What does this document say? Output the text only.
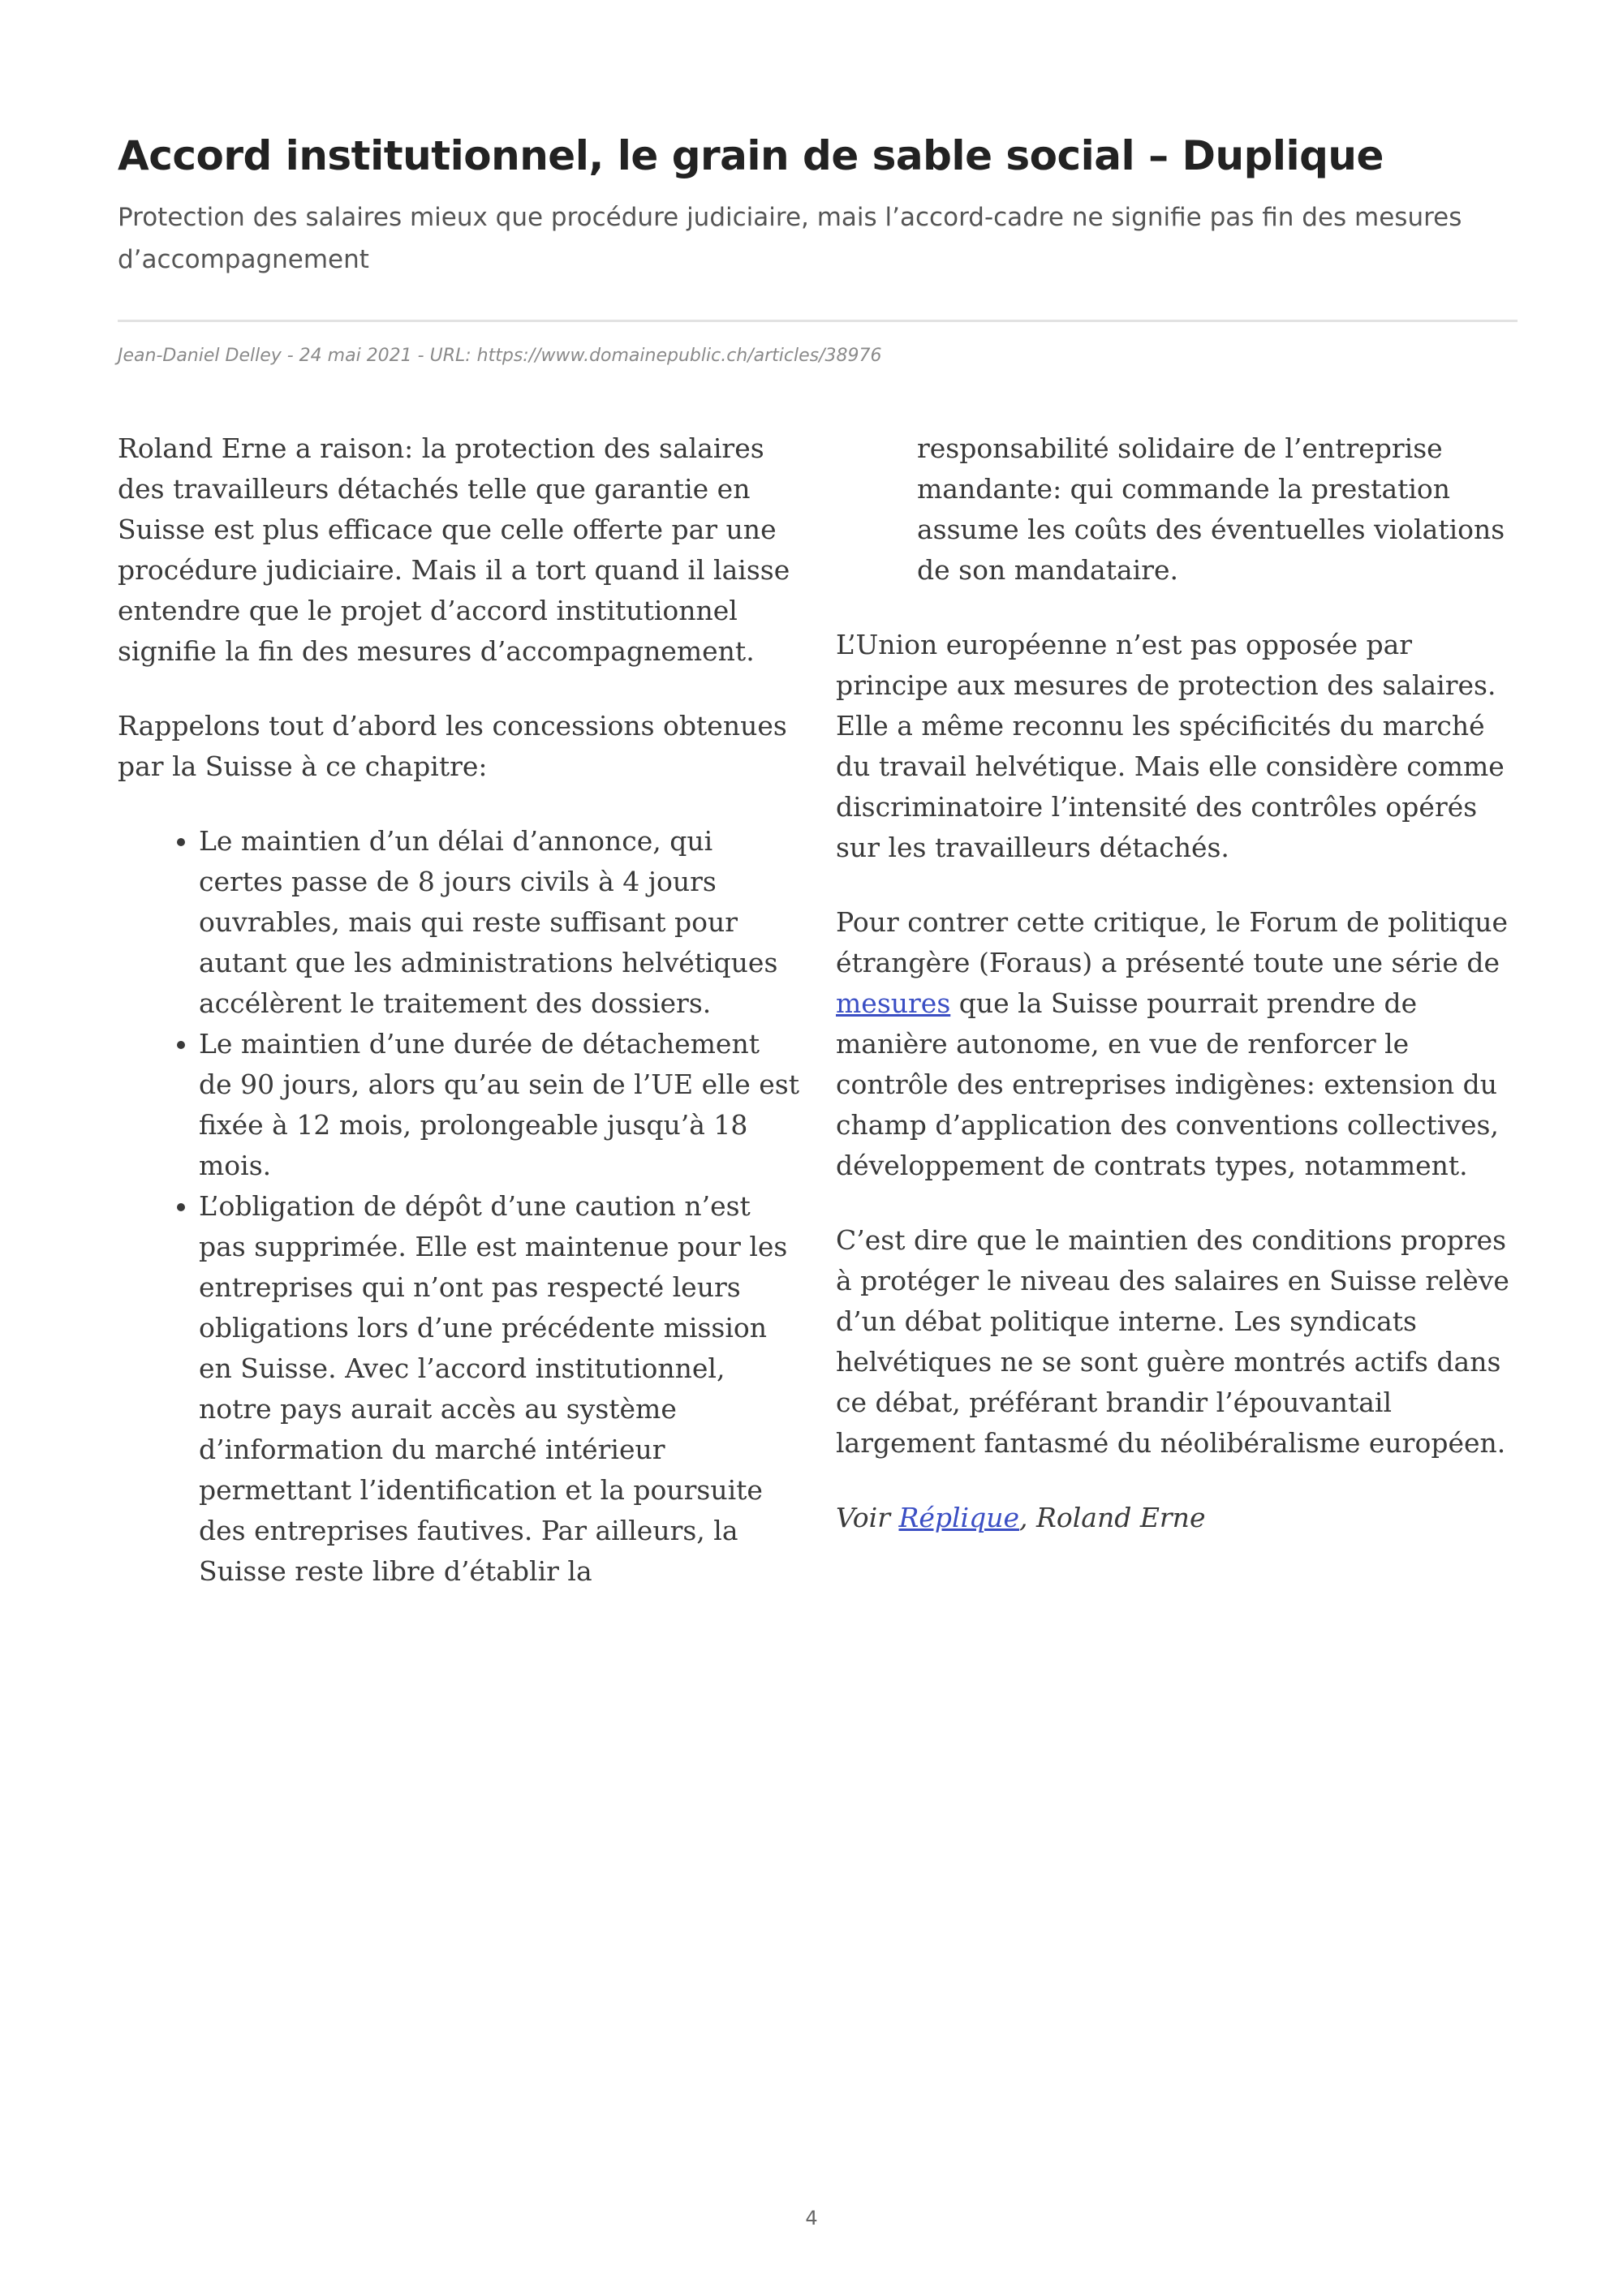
Accord institutionnel, le grain de sable social – Duplique

Protection des salaires mieux que procédure judiciaire, mais l’accord-cadre ne signifie pas fin des mesures d’accompagnement

Jean-Daniel Delley - 24 mai 2021 - URL: https://www.domainepublic.ch/articles/38976

Roland Erne a raison: la protection des salaires des travailleurs détachés telle que garantie en Suisse est plus efficace que celle offerte par une procédure judiciaire. Mais il a tort quand il laisse entendre que le projet d’accord institutionnel signifie la fin des mesures d’accompagnement.

Rappelons tout d’abord les concessions obtenues par la Suisse à ce chapitre:

• Le maintien d’un délai d’annonce, qui certes passe de 8 jours civils à 4 jours ouvrables, mais qui reste suffisant pour autant que les administrations helvétiques accélèrent le traitement des dossiers.
• Le maintien d’une durée de détachement de 90 jours, alors qu’au sein de l’UE elle est fixée à 12 mois, prolongeable jusqu’à 18 mois.
• L’obligation de dépôt d’une caution n’est pas supprimée. Elle est maintenue pour les entreprises qui n’ont pas respecté leurs obligations lors d’une précédente mission en Suisse. Avec l’accord institutionnel, notre pays aurait accès au système d’information du marché intérieur permettant l’identification et la poursuite des entreprises fautives. Par ailleurs, la Suisse reste libre d’établir la
responsabilité solidaire de l’entreprise mandante: qui commande la prestation assume les coûts des éventuelles violations de son mandataire.

L’Union européenne n’est pas opposée par principe aux mesures de protection des salaires. Elle a même reconnu les spécificités du marché du travail helvétique. Mais elle considère comme discriminatoire l’intensité des contrôles opérés sur les travailleurs détachés.

Pour contrer cette critique, le Forum de politique étrangère (Foraus) a présenté toute une série de mesures que la Suisse pourrait prendre de manière autonome, en vue de renforcer le contrôle des entreprises indigènes: extension du champ d’application des conventions collectives, développement de contrats types, notamment.

C’est dire que le maintien des conditions propres à protéger le niveau des salaires en Suisse relève d’un débat politique interne. Les syndicats helvétiques ne se sont guère montrés actifs dans ce débat, préférant brandir l’épouvantail largement fantasmé du néolibéralisme européen.

Voir Réplique, Roland Erne

4
